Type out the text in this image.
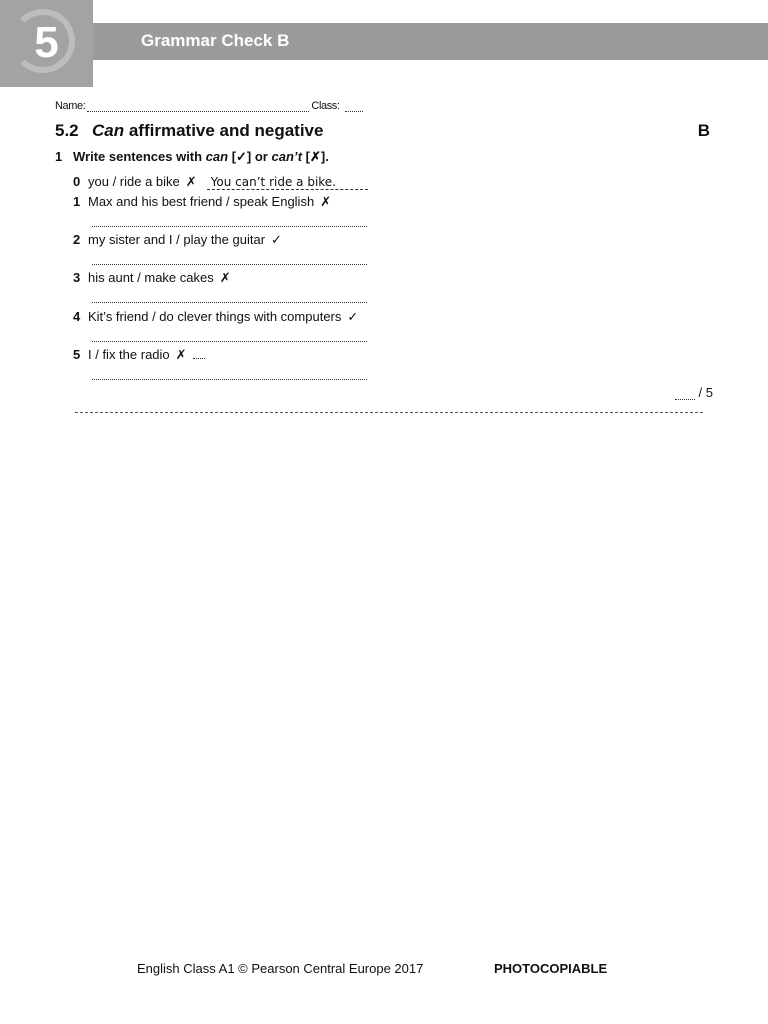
5	Grammar Check B
Name:	Class:
5.2 Can affirmative and negative	B
1 Write sentences with can [✓] or can’t [✗].
0 you / ride a bike ✗ You can’t ride a bike.
1 Max and his best friend / speak English ✗
2 my sister and I / play the guitar ✓
3 his aunt / make cakes ✗
4 Kit’s friend / do clever things with computers ✓
5 I / fix the radio ✗
/ 5
English Class A1 © Pearson Central Europe 2017	PHOTOCOPIABLE
